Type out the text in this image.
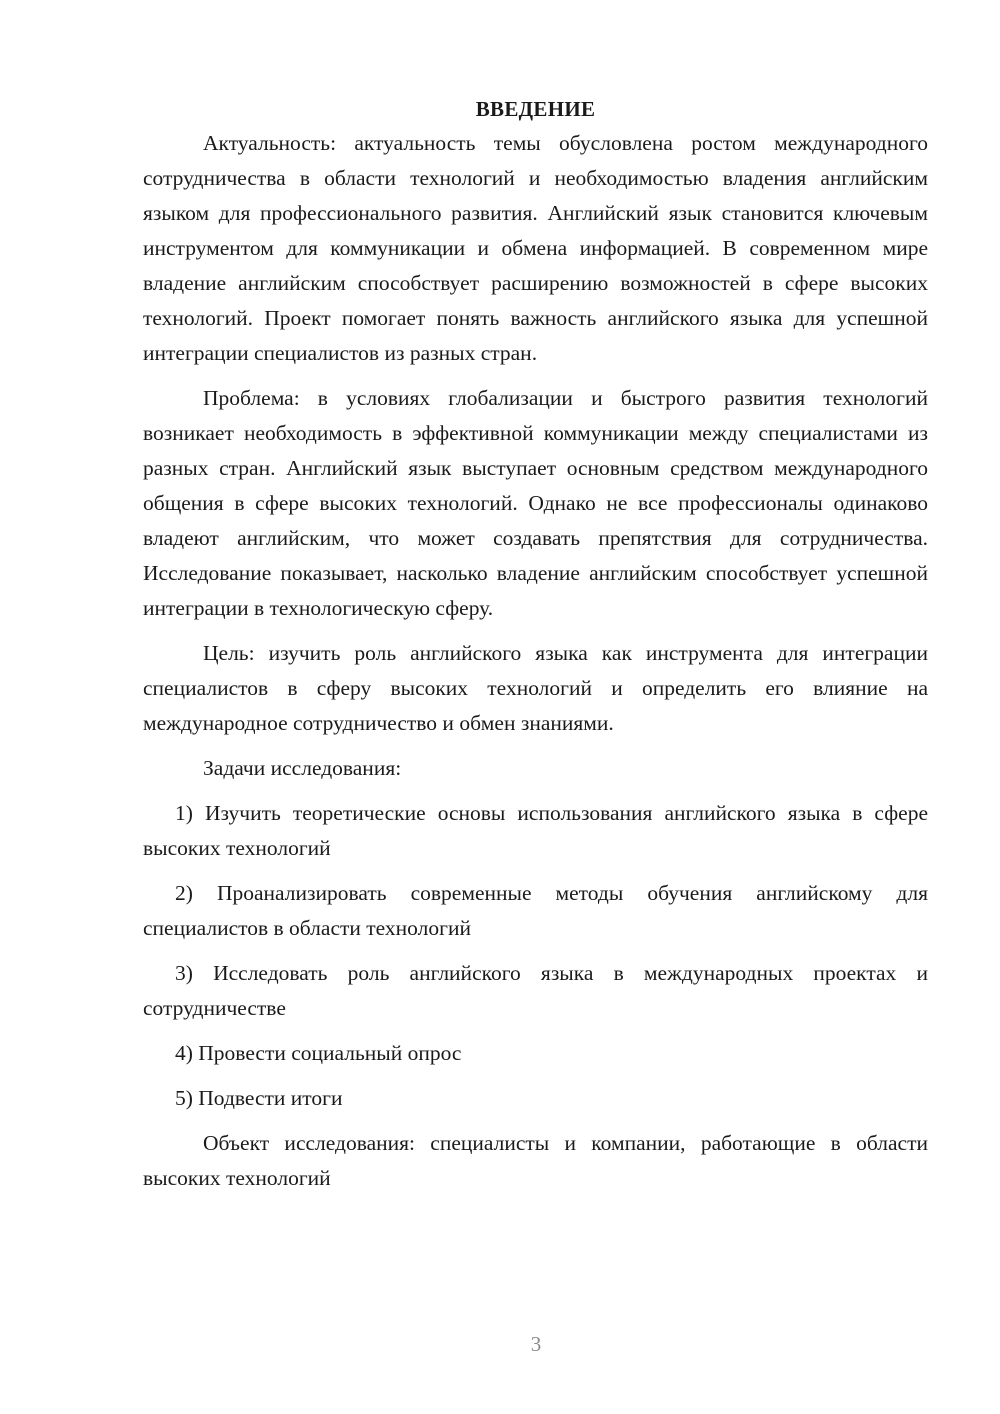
ВВЕДЕНИЕ

Актуальность: актуальность темы обусловлена ростом международного сотрудничества в области технологий и необходимостью владения английским языком для профессионального развития. Английский язык становится ключевым инструментом для коммуникации и обмена информацией. В современном мире владение английским способствует расширению возможностей в сфере высоких технологий. Проект помогает понять важность английского языка для успешной интеграции специалистов из разных стран.

Проблема: в условиях глобализации и быстрого развития технологий возникает необходимость в эффективной коммуникации между специалистами из разных стран. Английский язык выступает основным средством международного общения в сфере высоких технологий. Однако не все профессионалы одинаково владеют английским, что может создавать препятствия для сотрудничества. Исследование показывает, насколько владение английским способствует успешной интеграции в технологическую сферу.

Цель: изучить роль английского языка как инструмента для интеграции специалистов в сферу высоких технологий и определить его влияние на международное сотрудничество и обмен знаниями.

Задачи исследования:

1) Изучить теоретические основы использования английского языка в сфере высоких технологий

2) Проанализировать современные методы обучения английскому для специалистов в области технологий

3) Исследовать роль английского языка в международных проектах и сотрудничестве

4) Провести социальный опрос

5) Подвести итоги

Объект исследования: специалисты и компании, работающие в области высоких технологий

3
